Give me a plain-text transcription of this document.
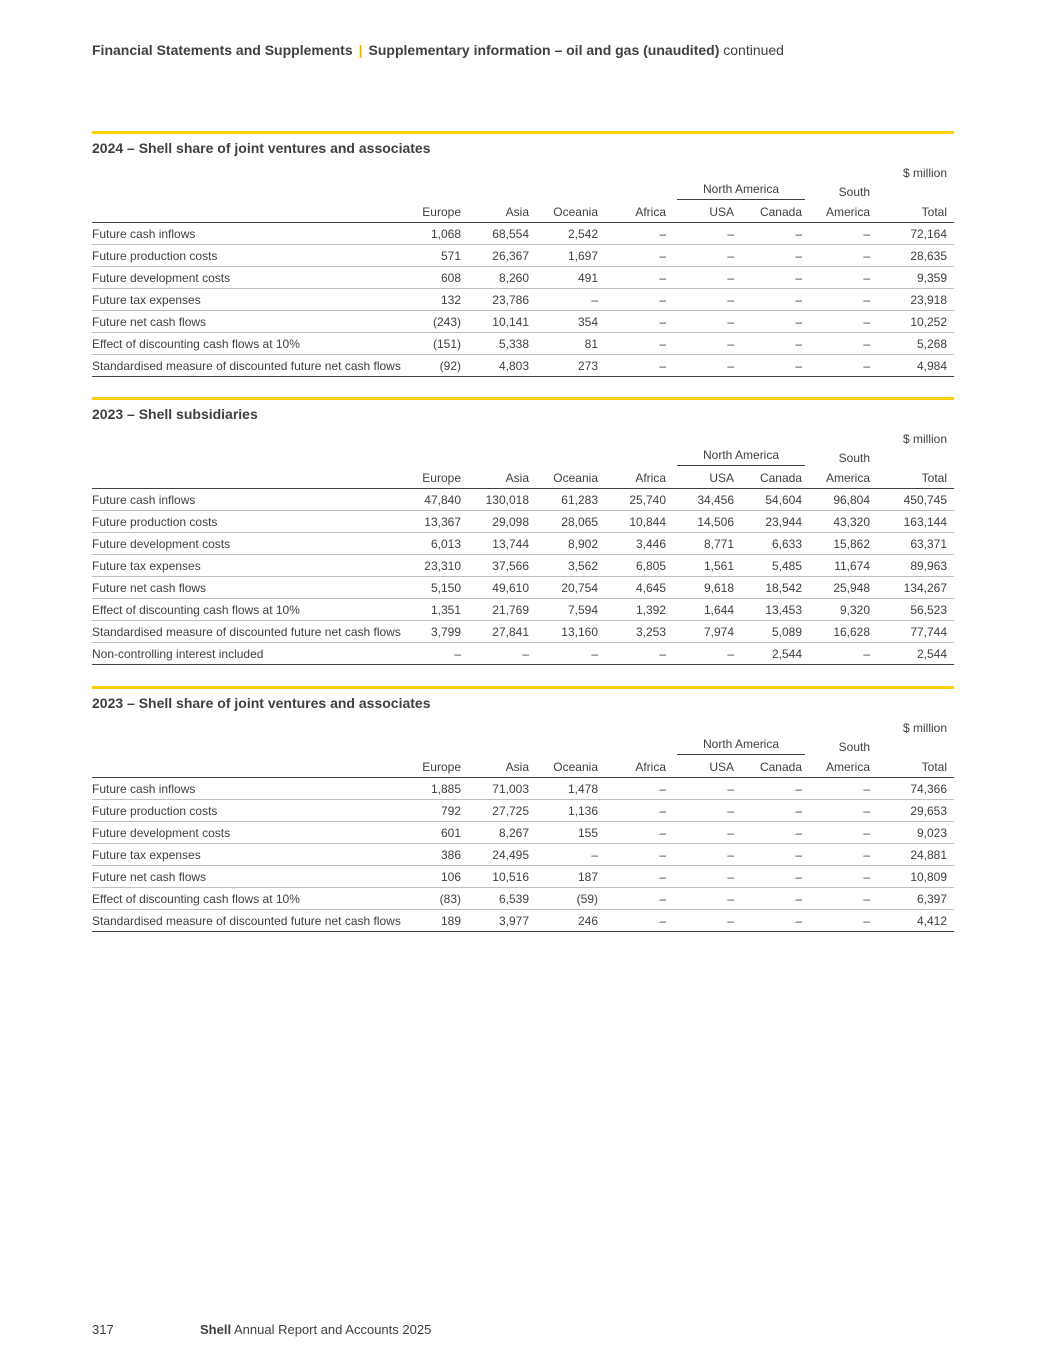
Financial Statements and Supplements | Supplementary information – oil and gas (unaudited) continued
2024 – Shell share of joint ventures and associates
$ million

					North America		South	
	Europe	Asia	Oceania	Africa	USA	Canada	America	Total
Future cash inflows	1,068	68,554	2,542	–	–	–	–	72,164
Future production costs	571	26,367	1,697	–	–	–	–	28,635
Future development costs	608	8,260	491	–	–	–	–	9,359
Future tax expenses	132	23,786	–	–	–	–	–	23,918
Future net cash flows	(243)	10,141	354	–	–	–	–	10,252
Effect of discounting cash flows at 10%	(151)	5,338	81	–	–	–	–	5,268
Standardised measure of discounted future net cash flows	(92)	4,803	273	–	–	–	–	4,984
2023 – Shell subsidiaries
$ million

					North America		South	
	Europe	Asia	Oceania	Africa	USA	Canada	America	Total
Future cash inflows	47,840	130,018	61,283	25,740	34,456	54,604	96,804	450,745
Future production costs	13,367	29,098	28,065	10,844	14,506	23,944	43,320	163,144
Future development costs	6,013	13,744	8,902	3,446	8,771	6,633	15,862	63,371
Future tax expenses	23,310	37,566	3,562	6,805	1,561	5,485	11,674	89,963
Future net cash flows	5,150	49,610	20,754	4,645	9,618	18,542	25,948	134,267
Effect of discounting cash flows at 10%	1,351	21,769	7,594	1,392	1,644	13,453	9,320	56,523
Standardised measure of discounted future net cash flows	3,799	27,841	13,160	3,253	7,974	5,089	16,628	77,744
Non-controlling interest included	–	–	–	–	–	2,544	–	2,544
2023 – Shell share of joint ventures and associates
$ million

					North America		South	
	Europe	Asia	Oceania	Africa	USA	Canada	America	Total
Future cash inflows	1,885	71,003	1,478	–	–	–	–	74,366
Future production costs	792	27,725	1,136	–	–	–	–	29,653
Future development costs	601	8,267	155	–	–	–	–	9,023
Future tax expenses	386	24,495	–	–	–	–	–	24,881
Future net cash flows	106	10,516	187	–	–	–	–	10,809
Effect of discounting cash flows at 10%	(83)	6,539	(59)	–	–	–	–	6,397
Standardised measure of discounted future net cash flows	189	3,977	246	–	–	–	–	4,412
317	Shell Annual Report and Accounts 2025
